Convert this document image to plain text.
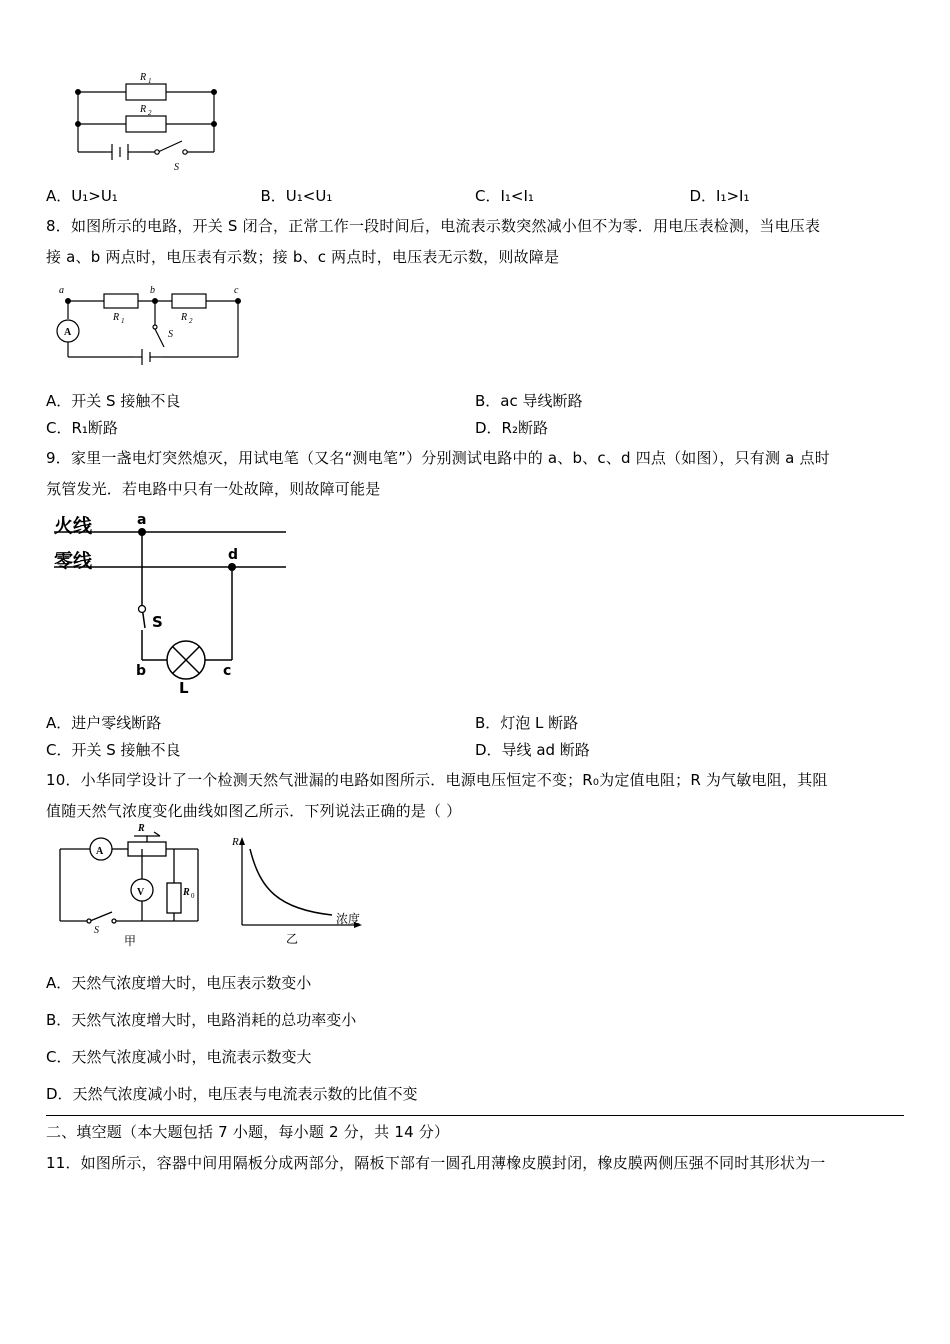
R 1
R 2
S
A．U₁>U₁	B．U₁<U₁	C．I₁<I₁	D．I₁>I₁

8．如图所示的电路，开关 S 闭合，正常工作一段时间后，电流表示数突然减小但不为零．用电压表检测，当电压表

接 a、b 两点时，电压表有示数；接 b、c 两点时，电压表无示数，则故障是

a	b	c
A
R 1	R 2
S
A．开关 S 接触不良	B．ac 导线断路
C．R₁断路	D．R₂断路

9．家里一盏电灯突然熄灭，用试电笔（又名“测电笔”）分别测试电路中的 a、b、c、d 四点（如图），只有测 a 点时

氖管发光．若电路中只有一处故障，则故障可能是

火线
零线
a
d
S
b	c
L
A．进户零线断路	B．灯泡 L 断路
C．开关 S 接触不良	D．导线 ad 断路

10．小华同学设计了一个检测天然气泄漏的电路如图所示．电源电压恒定不变；R₀为定值电阻；R 为气敏电阻，其阻

值随天然气浓度变化曲线如图乙所示．下列说法正确的是（ ）

A
V
R
R 0
S
甲
R
浓度
乙
A．天然气浓度增大时，电压表示数变小
B．天然气浓度增大时，电路消耗的总功率变小
C．天然气浓度减小时，电流表示数变大
D．天然气浓度减小时，电压表与电流表示数的比值不变

二、填空题（本大题包括 7 小题，每小题 2 分，共 14 分）

11．如图所示，容器中间用隔板分成两部分，隔板下部有一圆孔用薄橡皮膜封闭，橡皮膜两侧压强不同时其形状为一
